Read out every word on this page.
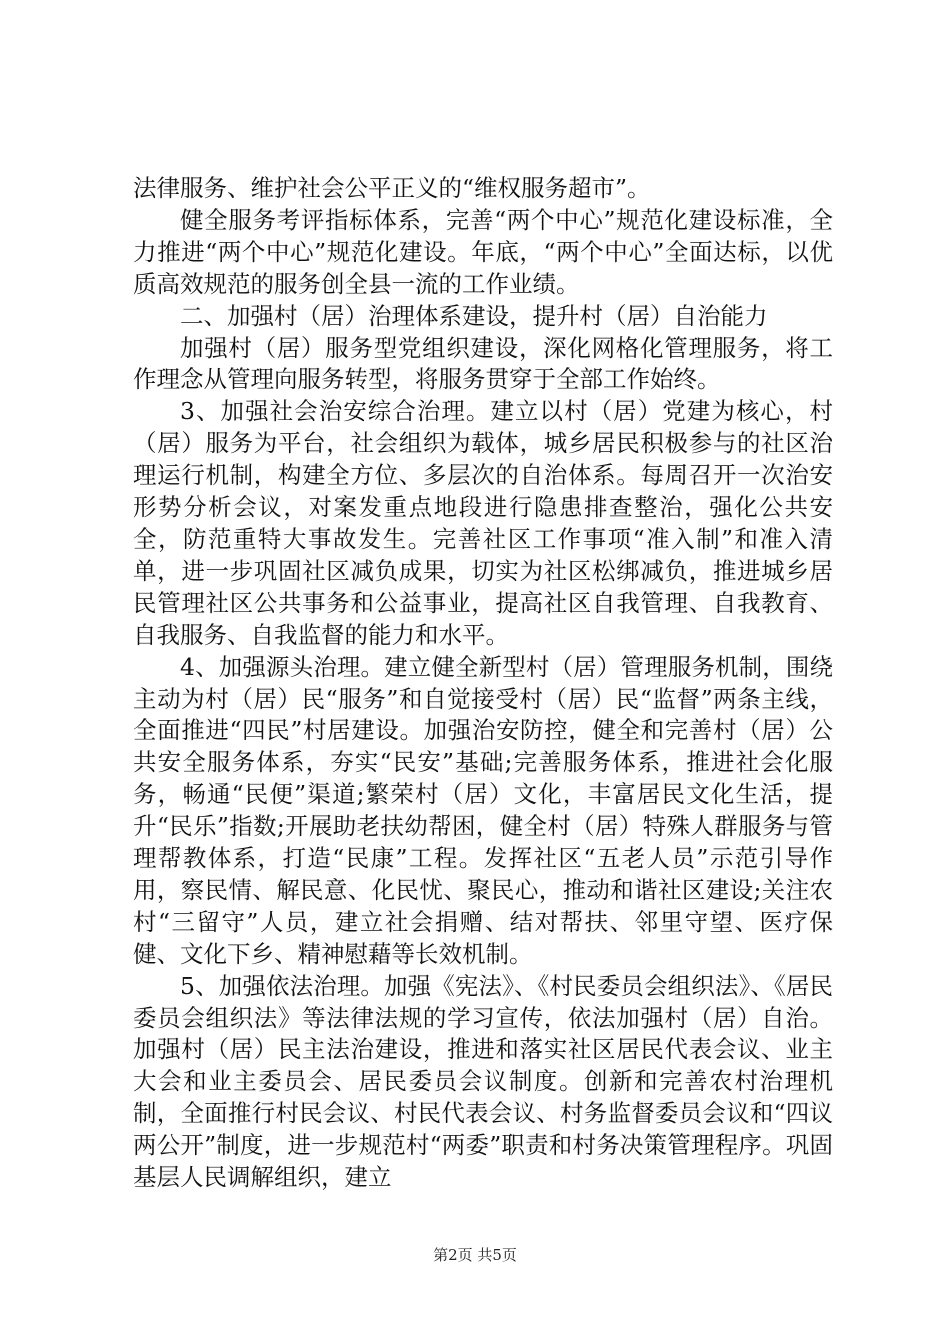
法律服务、维护社会公平正义的“维权服务超市”。

健全服务考评指标体系，完善“两个中心”规范化建设标准，全力推进“两个中心”规范化建设。年底，“两个中心”全面达标，以优质高效规范的服务创全县一流的工作业绩。

二、加强村（居）治理体系建设，提升村（居）自治能力

加强村（居）服务型党组织建设，深化网格化管理服务，将工作理念从管理向服务转型，将服务贯穿于全部工作始终。

3、加强社会治安综合治理。建立以村（居）党建为核心，村（居）服务为平台，社会组织为载体，城乡居民积极参与的社区治理运行机制，构建全方位、多层次的自治体系。每周召开一次治安形势分析会议，对案发重点地段进行隐患排查整治，强化公共安全，防范重特大事故发生。完善社区工作事项“准入制”和准入清单，进一步巩固社区减负成果，切实为社区松绑减负，推进城乡居民管理社区公共事务和公益事业，提高社区自我管理、自我教育、自我服务、自我监督的能力和水平。

4、加强源头治理。建立健全新型村（居）管理服务机制，围绕主动为村（居）民“服务”和自觉接受村（居）民“监督”两条主线，全面推进“四民”村居建设。加强治安防控，健全和完善村（居）公共安全服务体系，夯实“民安”基础;完善服务体系，推进社会化服务，畅通“民便”渠道;繁荣村（居）文化，丰富居民文化生活，提升“民乐”指数;开展助老扶幼帮困，健全村（居）特殊人群服务与管理帮教体系，打造“民康”工程。发挥社区“五老人员”示范引导作用，察民情、解民意、化民忧、聚民心，推动和谐社区建设;关注农村“三留守”人员，建立社会捐赠、结对帮扶、邻里守望、医疗保健、文化下乡、精神慰藉等长效机制。

5、加强依法治理。加强《宪法》、《村民委员会组织法》、《居民委员会组织法》等法律法规的学习宣传，依法加强村（居）自治。加强村（居）民主法治建设，推进和落实社区居民代表会议、业主大会和业主委员会、居民委员会议制度。创新和完善农村治理机制，全面推行村民会议、村民代表会议、村务监督委员会议和“四议两公开”制度，进一步规范村“两委”职责和村务决策管理程序。巩固基层人民调解组织，建立

第2页 共5页
